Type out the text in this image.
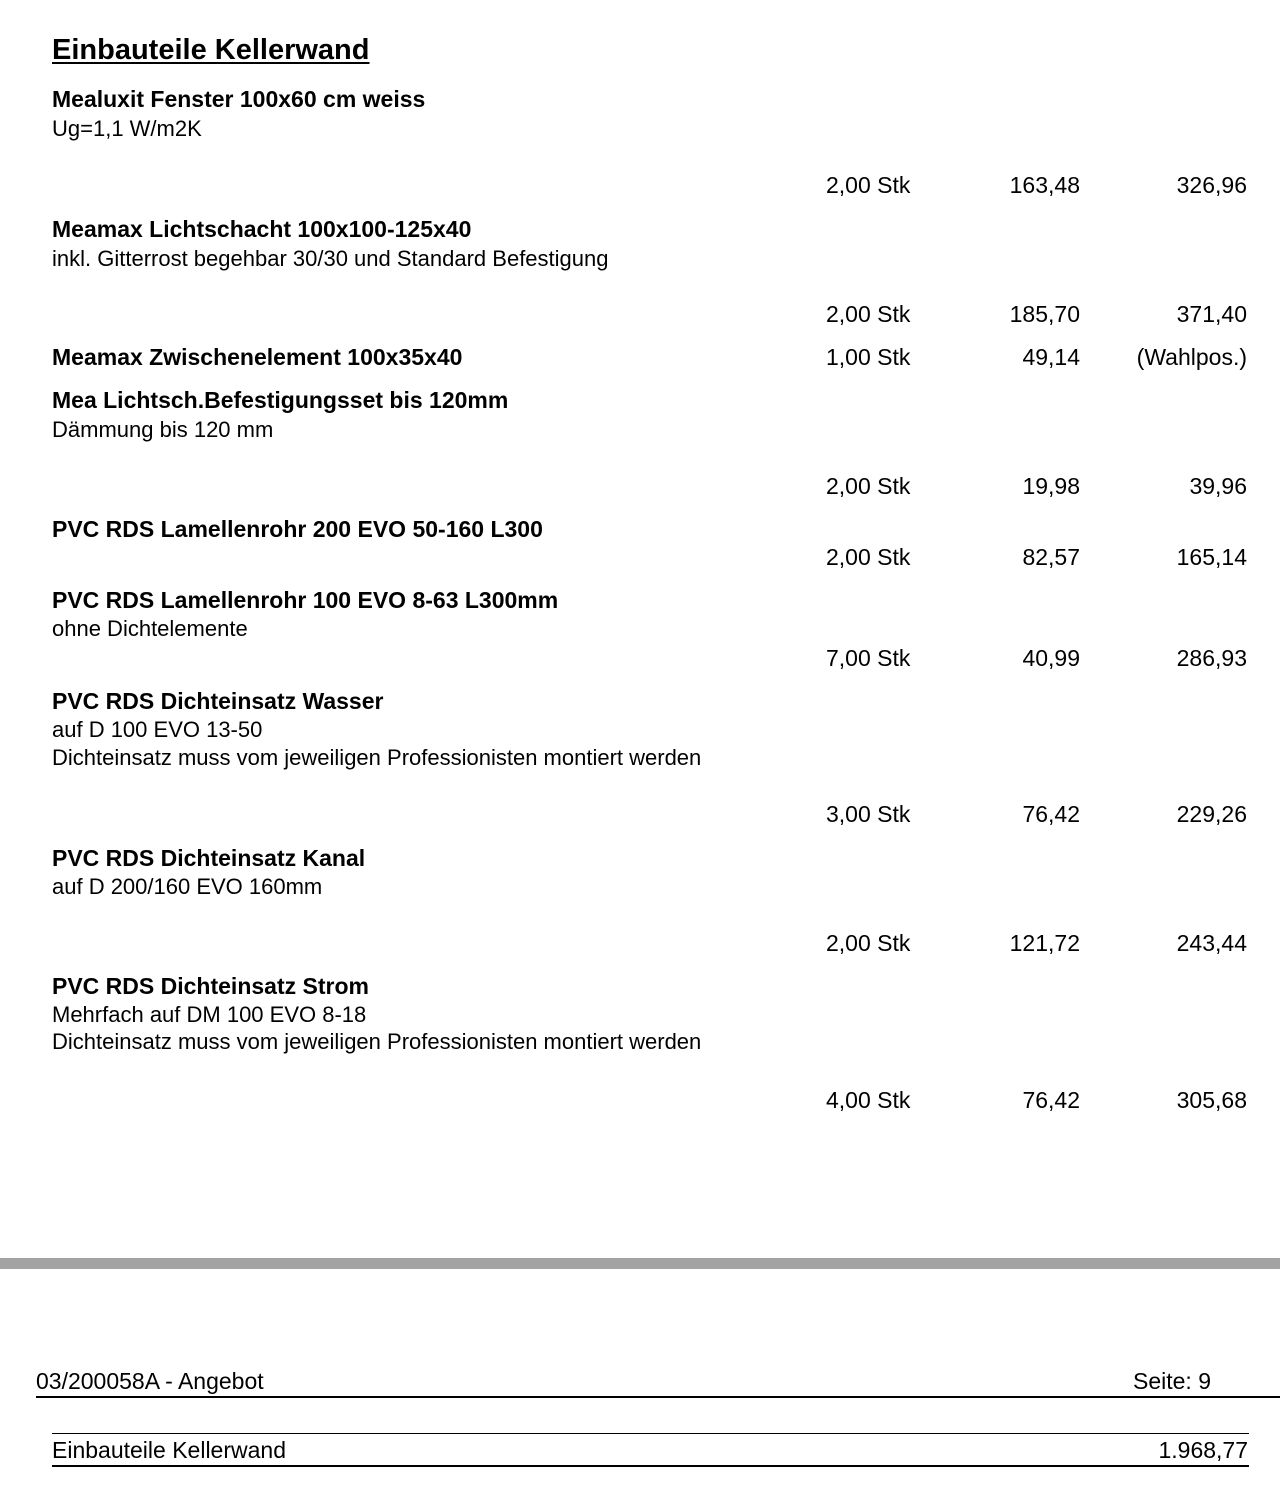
Einbauteile Kellerwand
Mealuxit Fenster 100x60 cm weiss
Ug=1,1 W/m2K
2,00 Stk	163,48	326,96
Meamax Lichtschacht 100x100-125x40
inkl. Gitterrost begehbar 30/30 und Standard Befestigung
2,00 Stk	185,70	371,40
Meamax Zwischenelement 100x35x40	1,00 Stk	49,14 (Wahlpos.)
Mea Lichtsch.Befestigungsset bis 120mm
Dämmung bis 120 mm
2,00 Stk	19,98	39,96
PVC RDS Lamellenrohr 200 EVO 50-160 L300
2,00 Stk	82,57	165,14
PVC RDS Lamellenrohr 100 EVO 8-63 L300mm
ohne Dichtelemente
7,00 Stk	40,99	286,93
PVC RDS Dichteinsatz Wasser
auf D 100 EVO 13-50
Dichteinsatz muss vom jeweiligen Professionisten montiert werden
3,00 Stk	76,42	229,26
PVC RDS Dichteinsatz Kanal
auf D 200/160 EVO 160mm
2,00 Stk	121,72	243,44
PVC RDS Dichteinsatz Strom
Mehrfach auf DM 100 EVO 8-18
Dichteinsatz muss vom jeweiligen Professionisten montiert werden
4,00 Stk	76,42	305,68
03/200058A - Angebot	Seite: 9
Einbauteile Kellerwand	1.968,77
